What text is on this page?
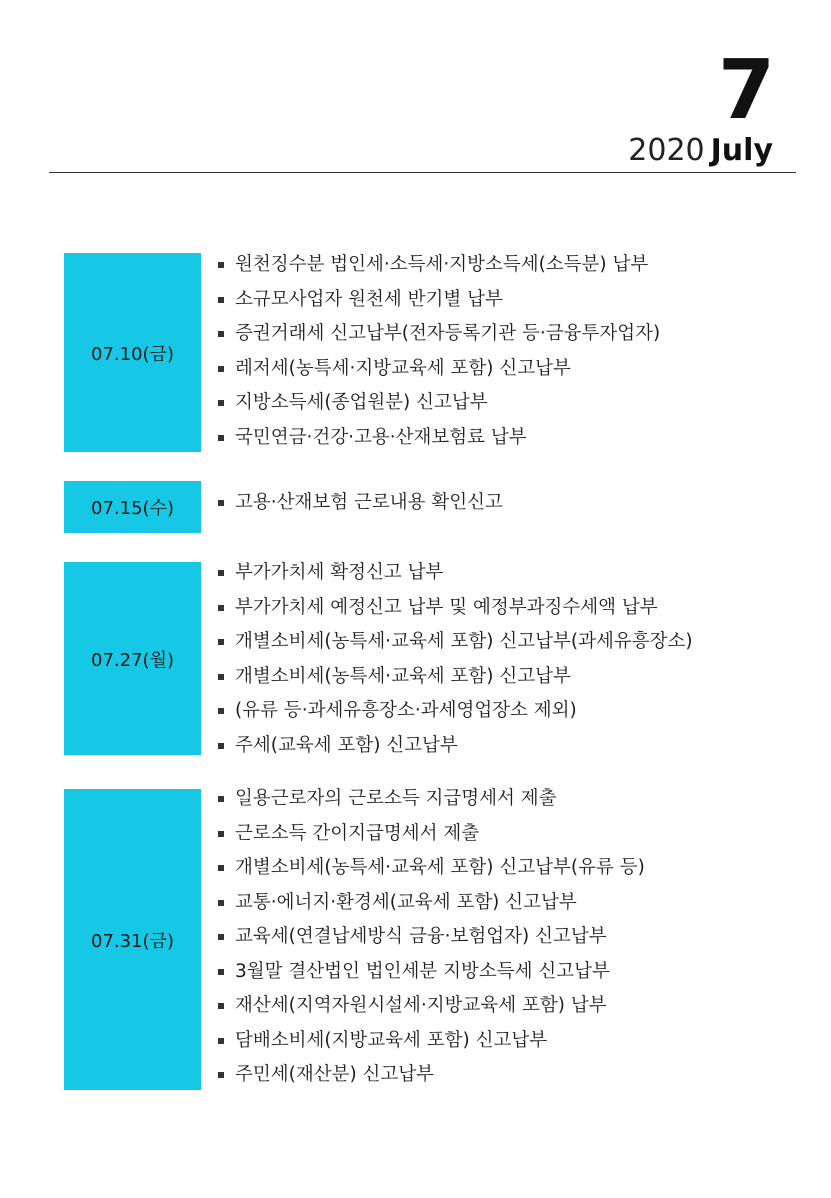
7
2020 July
07.10(금)
원천징수분 법인세·소득세·지방소득세(소득분) 납부
소규모사업자 원천세 반기별 납부
증권거래세 신고납부(전자등록기관 등·금융투자업자)
레저세(농특세·지방교육세 포함) 신고납부
지방소득세(종업원분) 신고납부
국민연금·건강·고용·산재보험료 납부
07.15(수)	고용·산재보험 근로내용 확인신고
07.27(월)
부가가치세 확정신고 납부
부가가치세 예정신고 납부 및 예정부과징수세액 납부
개별소비세(농특세·교육세 포함) 신고납부(과세유흥장소)
개별소비세(농특세·교육세 포함) 신고납부
(유류 등·과세유흥장소·과세영업장소 제외)
주세(교육세 포함) 신고납부
07.31(금)
일용근로자의 근로소득 지급명세서 제출
근로소득 간이지급명세서 제출
개별소비세(농특세·교육세 포함) 신고납부(유류 등)
교통·에너지·환경세(교육세 포함) 신고납부
교육세(연결납세방식 금융·보험업자) 신고납부
3월말 결산법인 법인세분 지방소득세 신고납부
재산세(지역자원시설세·지방교육세 포함) 납부
담배소비세(지방교육세 포함) 신고납부
주민세(재산분) 신고납부
